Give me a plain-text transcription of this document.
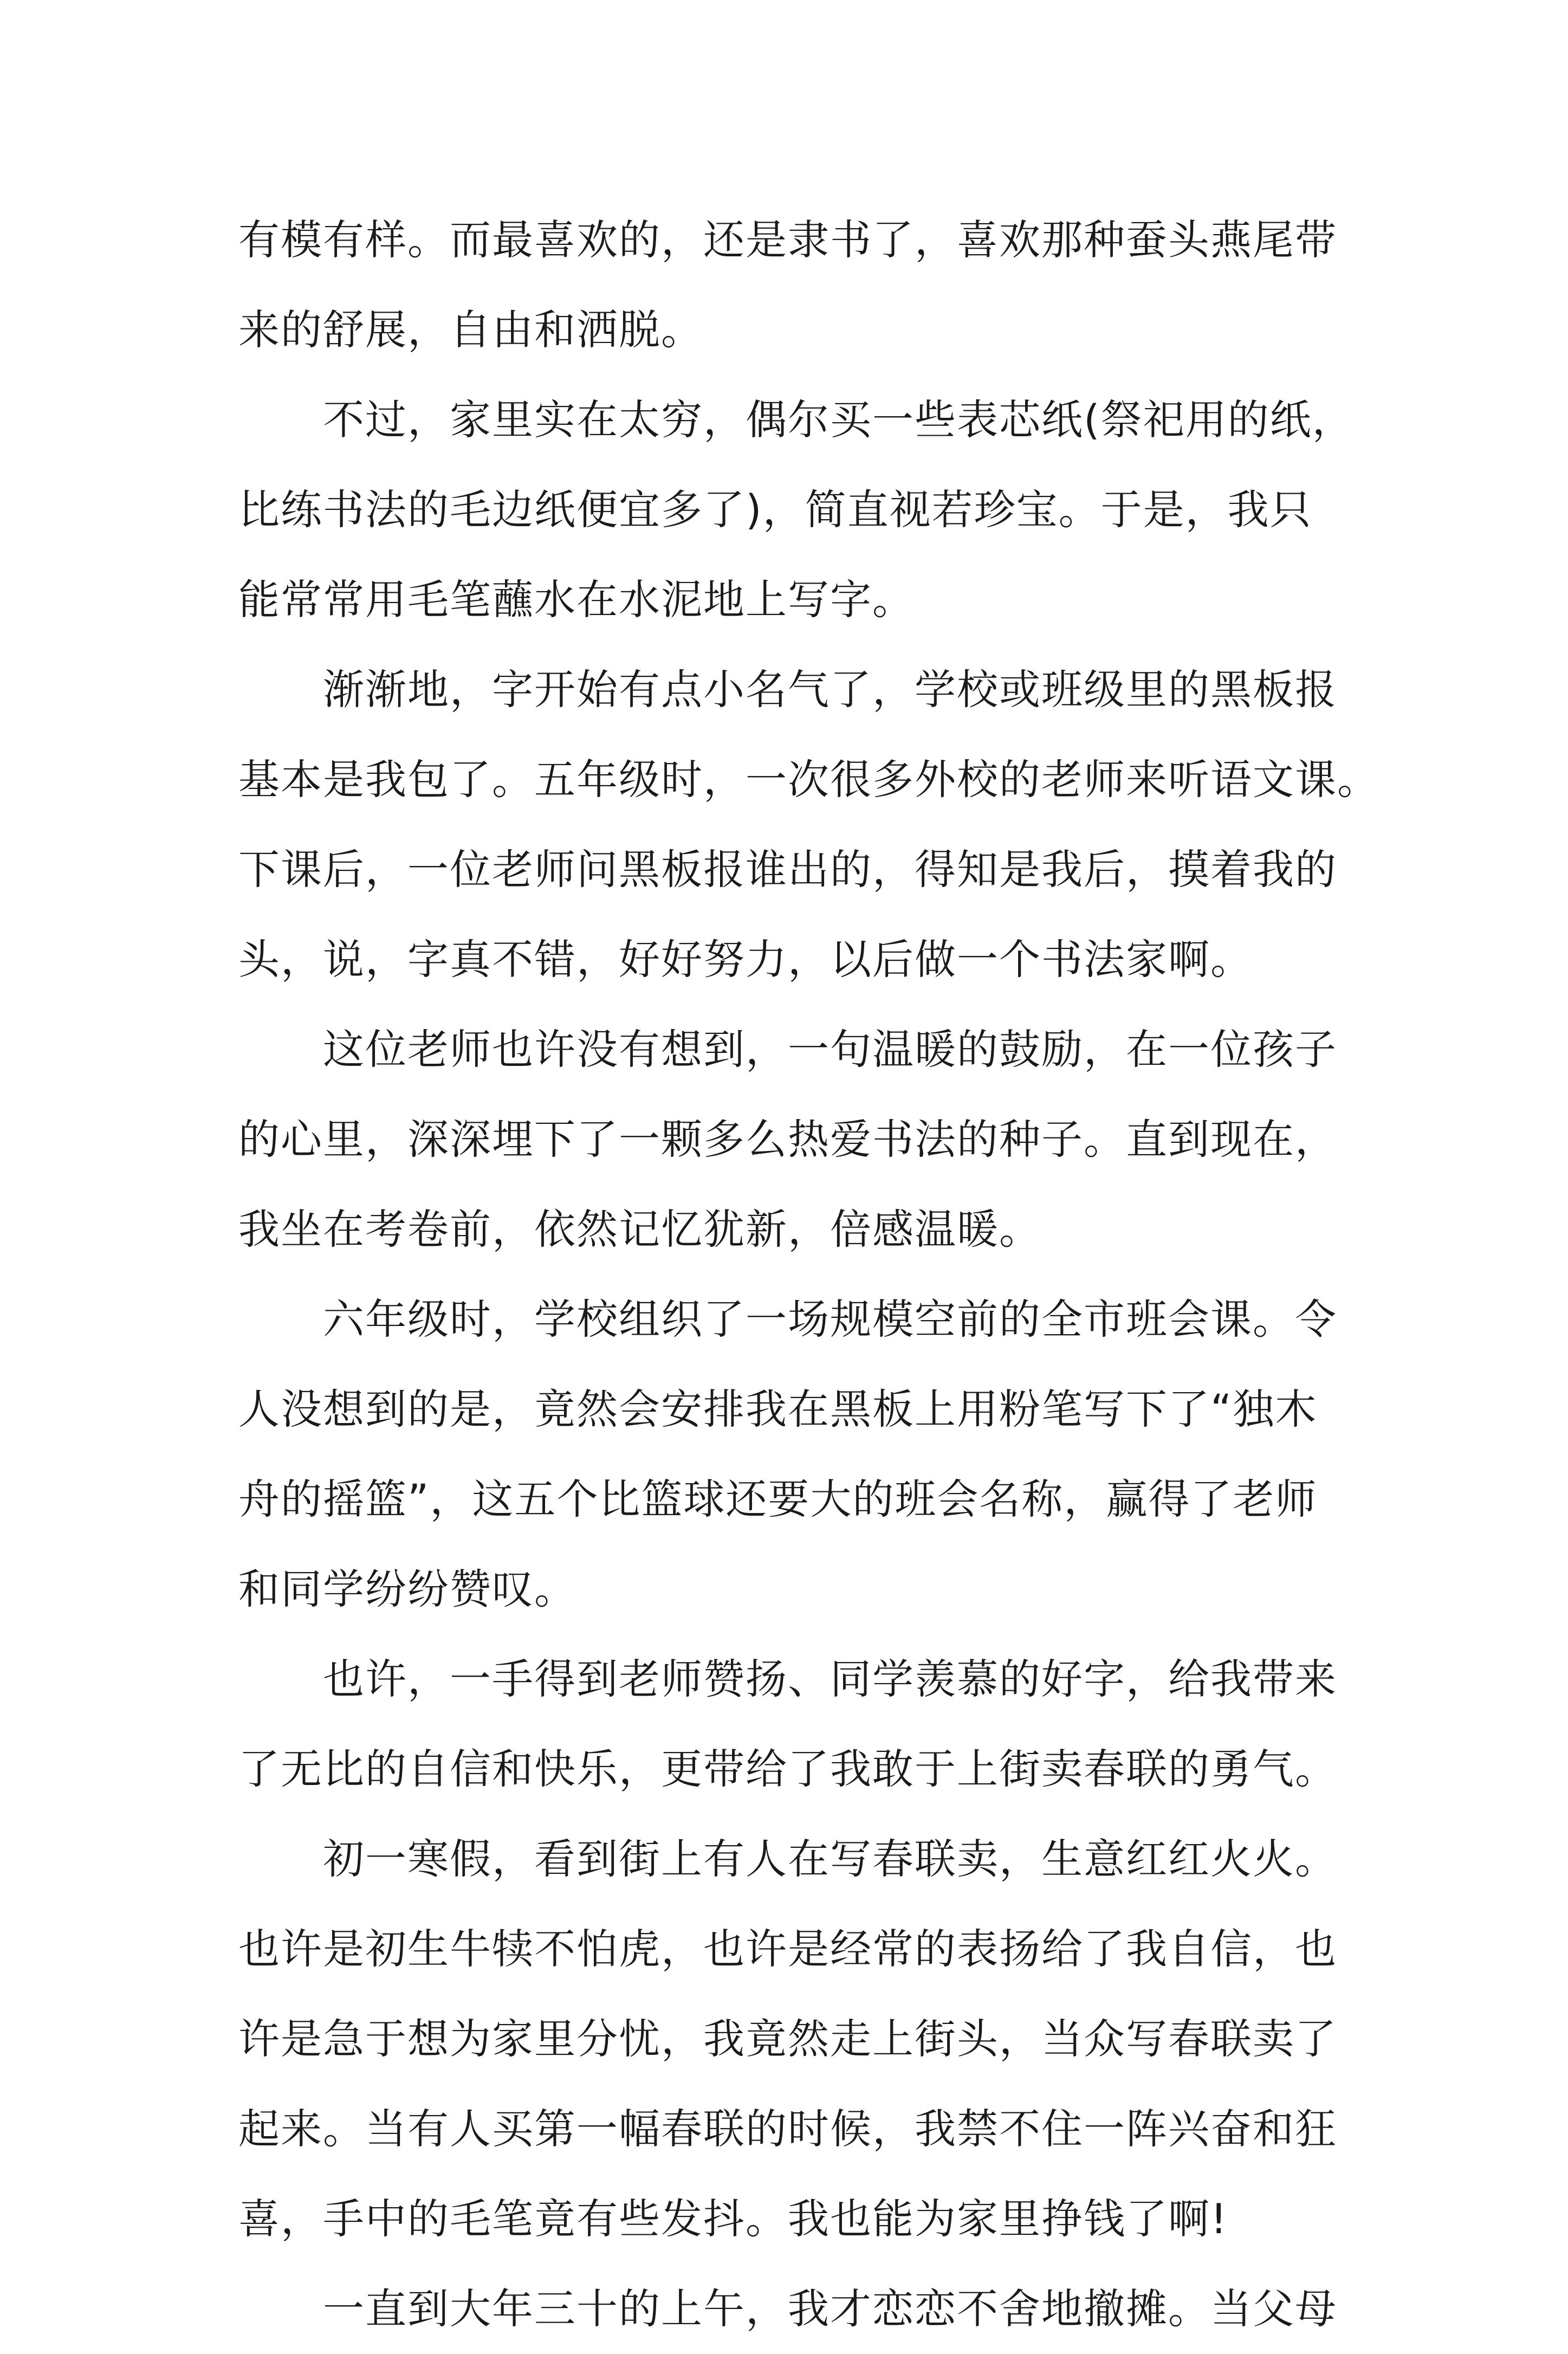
有模有样。而最喜欢的，还是隶书了，喜欢那种蚕头燕尾带
来的舒展，自由和洒脱。
不过，家里实在太穷，偶尔买一些表芯纸(祭祀用的纸，
比练书法的毛边纸便宜多了)，简直视若珍宝。于是，我只
能常常用毛笔蘸水在水泥地上写字。
渐渐地，字开始有点小名气了，学校或班级里的黑板报
基本是我包了。五年级时，一次很多外校的老师来听语文课。
下课后，一位老师问黑板报谁出的，得知是我后，摸着我的
头，说，字真不错，好好努力，以后做一个书法家啊。
这位老师也许没有想到，一句温暖的鼓励，在一位孩子
的心里，深深埋下了一颗多么热爱书法的种子。直到现在，
我坐在考卷前，依然记忆犹新，倍感温暖。
六年级时，学校组织了一场规模空前的全市班会课。令
人没想到的是，竟然会安排我在黑板上用粉笔写下了“独木
舟的摇篮”，这五个比篮球还要大的班会名称，赢得了老师
和同学纷纷赞叹。
也许，一手得到老师赞扬、同学羡慕的好字，给我带来
了无比的自信和快乐，更带给了我敢于上街卖春联的勇气。
初一寒假，看到街上有人在写春联卖，生意红红火火。
也许是初生牛犊不怕虎，也许是经常的表扬给了我自信，也
许是急于想为家里分忧，我竟然走上街头，当众写春联卖了
起来。当有人买第一幅春联的时候，我禁不住一阵兴奋和狂
喜，手中的毛笔竟有些发抖。我也能为家里挣钱了啊!
一直到大年三十的上午，我才恋恋不舍地撤摊。当父母
